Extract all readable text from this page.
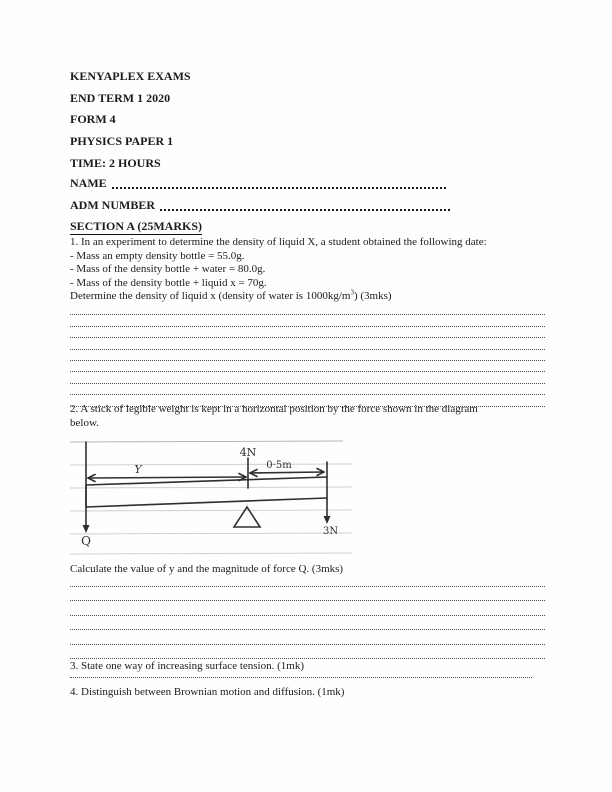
KENYAPLEX EXAMS
END TERM 1 2020
FORM 4
PHYSICS PAPER 1
TIME: 2 HOURS
NAME
ADM NUMBER
SECTION A (25MARKS)
1. In an experiment to determine the density of liquid X, a student obtained the following date:
- Mass an empty density bottle = 55.0g.
- Mass of the density bottle + water = 80.0g.
- Mass of the density bottle + liquid x = 70g.
Determine the density of liquid x (density of water is $1000kg/m^3$) (3mks)
2. A stick of legible weight is kept in a horizontal position by the force shown in the diagram
below.
4N
Y	0·5m
Q
3N
Calculate the value of y and the magnitude of force Q. (3mks)
3. State one way of increasing surface tension. (1mk)
4. Distinguish between Brownian motion and diffusion. (1mk)
